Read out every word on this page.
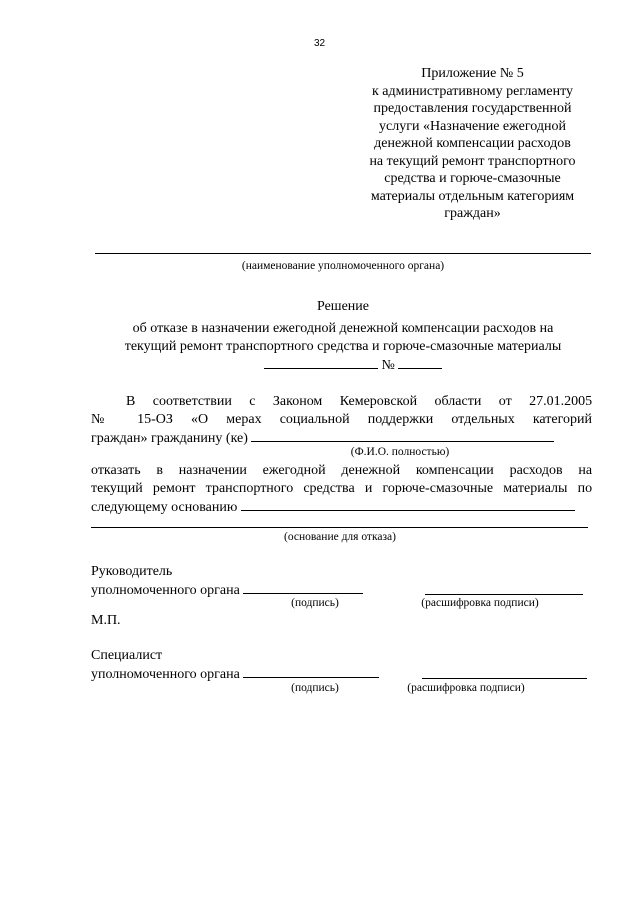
32
Приложение № 5
к административному регламенту
предоставления государственной
услуги «Назначение ежегодной
денежной компенсации расходов
на текущий ремонт транспортного
средства и горюче-смазочные
материалы отдельным категориям
граждан»
(наименование уполномоченного органа)
Решение
об отказе в назначении ежегодной денежной компенсации расходов на
текущий ремонт транспортного средства и горюче-смазочные материалы
№
В соответствии с Законом Кемеровской области от 27.01.2005
№ 15-ОЗ «О мерах социальной поддержки отдельных категорий
граждан» гражданину (ке)
(Ф.И.О. полностью)
отказать в назначении ежегодной денежной компенсации расходов на
текущий ремонт транспортного средства и горюче-смазочные материалы по
следующему основанию
(основание для отказа)
Руководитель
уполномоченного органа
(подпись)	(расшифровка подписи)
М.П.
Специалист
уполномоченного органа
(подпись)	(расшифровка подписи)
